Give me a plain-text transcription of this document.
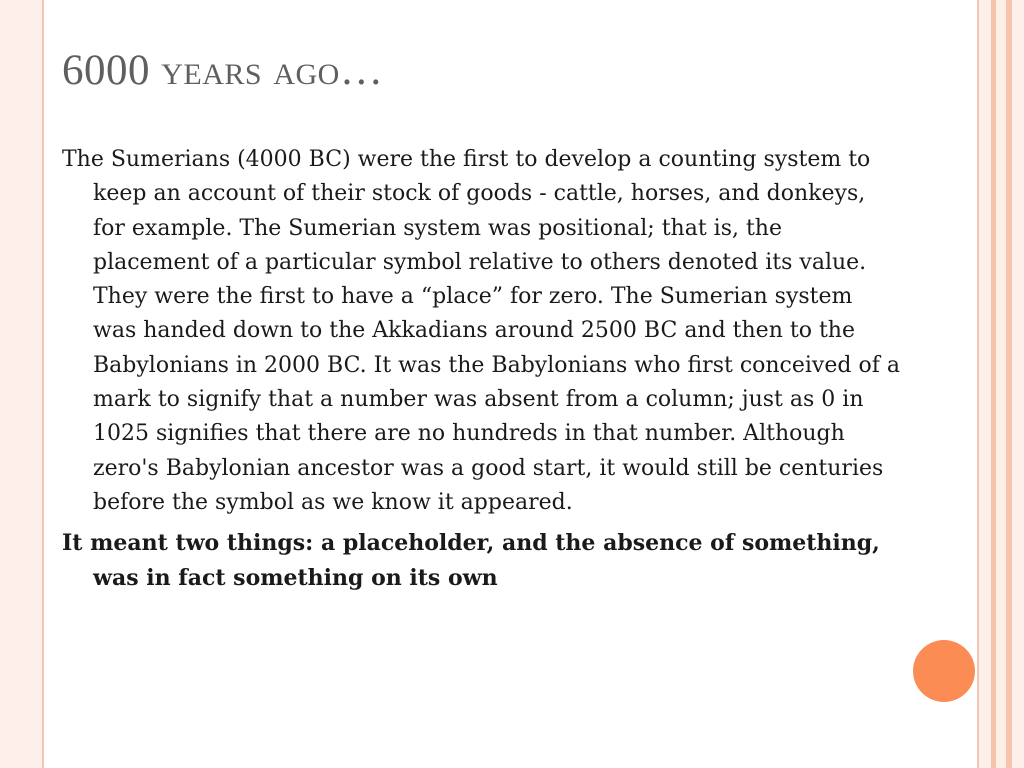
6000 years ago…

The Sumerians (4000 BC) were the first to develop a counting system to keep an account of their stock of goods - cattle, horses, and donkeys, for example. The Sumerian system was positional; that is, the placement of a particular symbol relative to others denoted its value. They were the first to have a “place” for zero. The Sumerian system was handed down to the Akkadians around 2500 BC and then to the Babylonians in 2000 BC. It was the Babylonians who first conceived of a mark to signify that a number was absent from a column; just as 0 in 1025 signifies that there are no hundreds in that number. Although zero's Babylonian ancestor was a good start, it would still be centuries before the symbol as we know it appeared.

It meant two things: a placeholder, and the absence of something, was in fact something on its own
